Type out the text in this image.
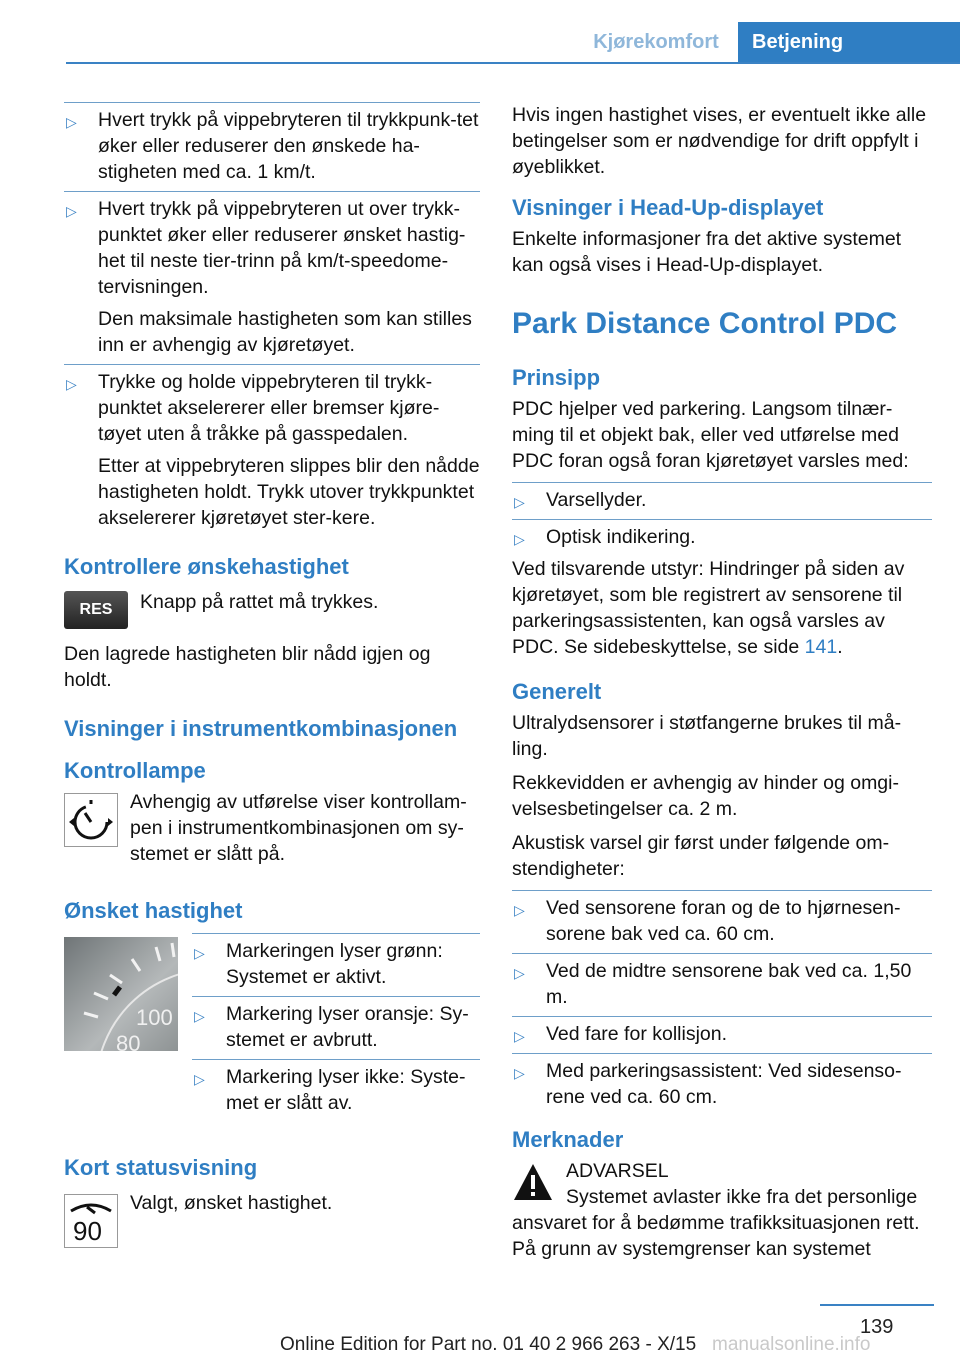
Kjørekomfort	Betjening
▷ Hvert trykk på vippebryteren til trykkpunk‐tet øker eller reduserer den ønskede ha‐stigheten med ca. 1 km/t.
▷ Hvert trykk på vippebryteren ut over trykk‐punktet øker eller reduserer ønsket hastig‐het til neste tier-trinn på km/t-speedome‐tervisningen.

Den maksimale hastigheten som kan stilles inn er avhengig av kjøretøyet.

▷ Trykke og holde vippebryteren til trykk‐punktet akselererer eller bremser kjøre‐tøyet uten å tråkke på gasspedalen.

Etter at vippebryteren slippes blir den nådde hastigheten holdt. Trykk utover trykkpunktet akselererer kjøretøyet ster‐kere.

Kontrollere ønskehastighet
RES Knapp på rattet må trykkes.

Den lagrede hastigheten blir nådd igjen og holdt.

Visninger i instrumentkombinasjonen
Kontrollampe
Avhengig av utførelse viser kontrollam‐pen i instrumentkombinasjonen om sy‐stemet er slått på.
Ønsket hastighet
100
80
▷ Markeringen lyser grønn: Systemet er aktivt.
▷ Markering lyser oransje: Sy‐stemet er avbrutt.
▷ Markering lyser ikke: Syste‐met er slått av.
Kort statusvisning
90
Valgt, ønsket hastighet.

Hvis ingen hastighet vises, er eventuelt ikke alle betingelser som er nødvendige for drift oppfylt i øyeblikket.

Visninger i Head-Up-displayet

Enkelte informasjoner fra det aktive systemet kan også vises i Head-Up-displayet.

Park Distance Control PDC
Prinsipp

PDC hjelper ved parkering. Langsom tilnær‐ming til et objekt bak, eller ved utførelse med PDC foran også foran kjøretøyet varsles med:

▷ Varsellyder.
▷ Optisk indikering.

Ved tilsvarende utstyr: Hindringer på siden av kjøretøyet, som ble registrert av sensorene til parkeringsassistenten, kan også varsles av PDC. Se sidebeskyttelse, se side 141.

Generelt

Ultralydsensorer i støtfangerne brukes til må‐ling.

Rekkevidden er avhengig av hinder og omgi‐velsesbetingelser ca. 2 m.

Akustisk varsel gir først under følgende om‐stendigheter:

▷ Ved sensorene foran og de to hjørnesen‐sorene bak ved ca. 60 cm.
▷ Ved de midtre sensorene bak ved ca. 1,50 m.
▷ Ved fare for kollisjon.
▷ Med parkeringsassistent: Ved sidesenso‐rene ved ca. 60 cm.
Merknader
ADVARSEL
Systemet avlaster ikke fra det personlige ansvaret for å bedømme trafikksituasjonen rett. På grunn av systemgrenser kan systemet
139
Online Edition for Part no. 01 40 2 966 263 - X/15 manualsonline.info
